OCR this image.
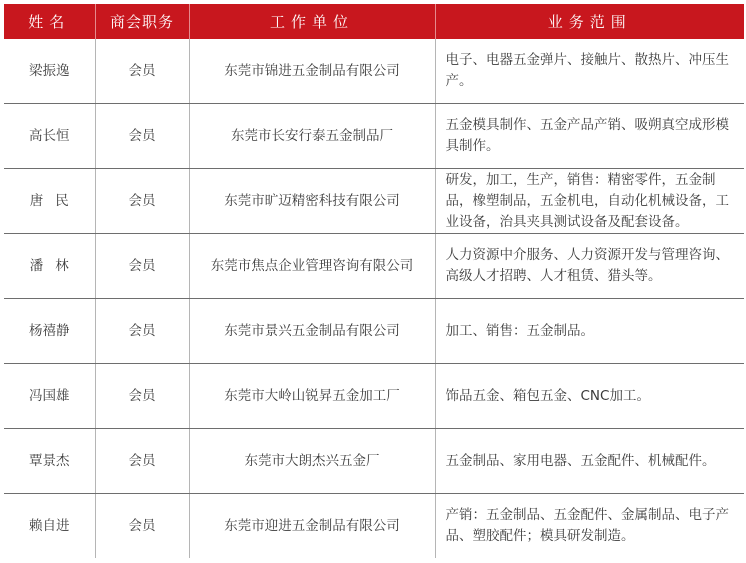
姓名	商会职务	工作单位	业务范围
梁振逸	会员	东莞市锦进五金制品有限公司	电子、电器五金弹片、接触片、散热片、冲压生产。
高长恒	会员	东莞市长安行泰五金制品厂	五金模具制作、五金产品产销、吸朔真空成形模具制作。
唐民	会员	东莞市旷迈精密科技有限公司	研发，加工，生产，销售：精密零件，五金制品，橡塑制品，五金机电，自动化机械设备，工业设备，治具夹具测试设备及配套设备。
潘林	会员	东莞市焦点企业管理咨询有限公司	人力资源中介服务、人力资源开发与管理咨询、高级人才招聘、人才租赁、猎头等。
杨禧静	会员	东莞市景兴五金制品有限公司	加工、销售：五金制品。
冯国雄	会员	东莞市大岭山锐昇五金加工厂	饰品五金、箱包五金、CNC加工。
覃景杰	会员	东莞市大朗杰兴五金厂	五金制品、家用电器、五金配件、机械配件。
赖自进	会员	东莞市迎进五金制品有限公司	产销：五金制品、五金配件、金属制品、电子产品、塑胶配件；模具研发制造。
